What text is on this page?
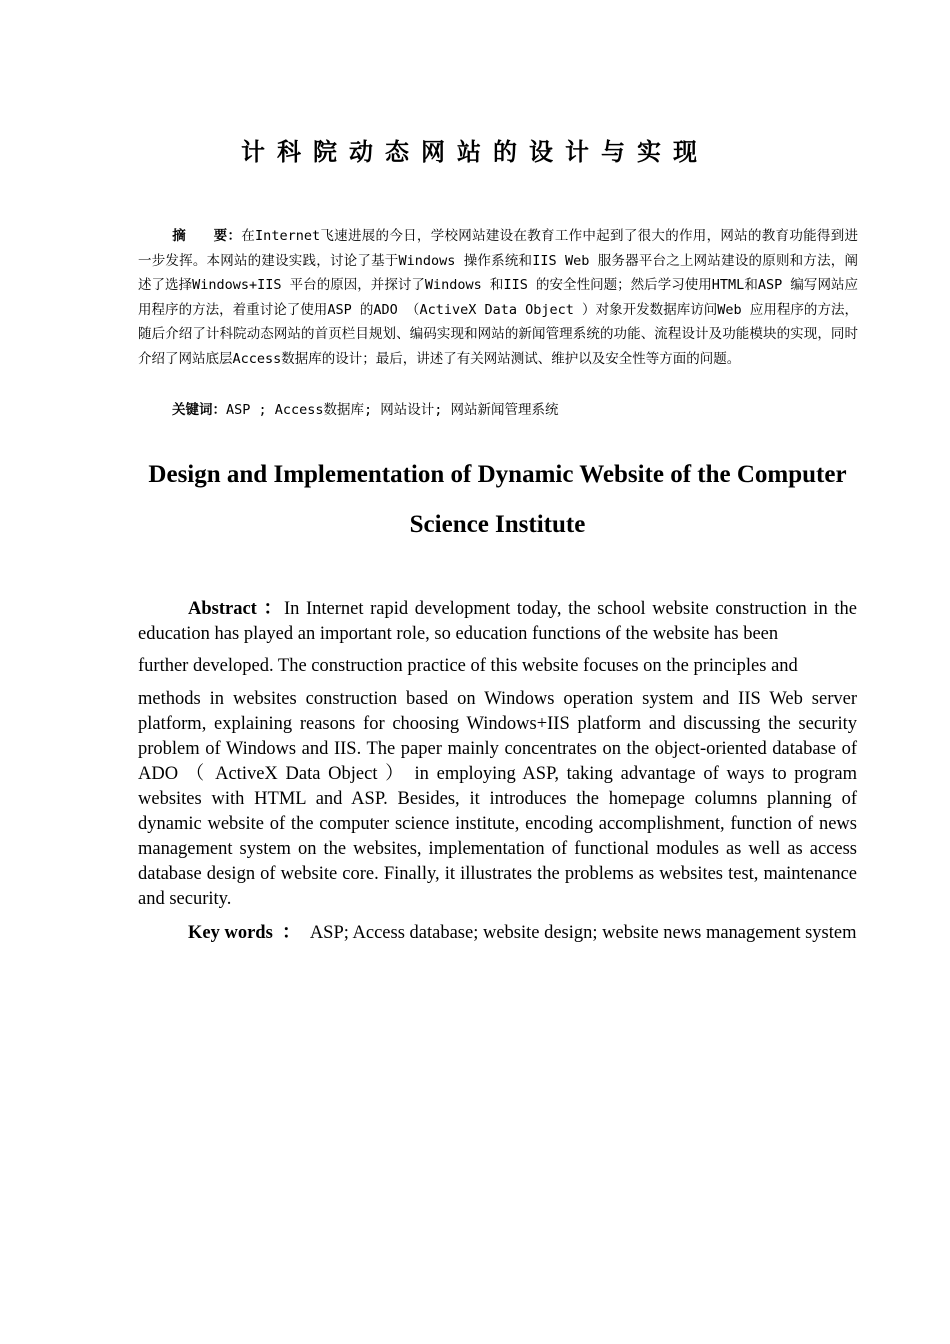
计科院动态网站的设计与实现

摘　　要：在Internet飞速进展的今日，学校网站建设在教育工作中起到了很大的作用，网站的教育功能得到进一步发挥。本网站的建设实践，讨论了基于Windows 操作系统和IIS Web 服务器平台之上网站建设的原则和方法，阐述了选择Windows+IIS 平台的原因，并探讨了Windows 和IIS 的安全性问题；然后学习使用HTML和ASP 编写网站应用程序的方法，着重讨论了使用ASP 的ADO （ActiveX Data Object ）对象开发数据库访问Web 应用程序的方法，随后介绍了计科院动态网站的首页栏目规划、编码实现和网站的新闻管理系统的功能、流程设计及功能模块的实现，同时介绍了网站底层Access数据库的设计；最后，讲述了有关网站测试、维护以及安全性等方面的问题。

关键词：ASP ; Access数据库; 网站设计; 网站新闻管理系统

Design and Implementation of Dynamic Website of the Computer Science Institute
Abstract ：In Internet rapid development today, the school website construction in the education has played an important role, so education functions of the website has been
further developed. The construction practice of this website focuses on the principles and
methods in websites construction based on Windows operation system and IIS Web server platform, explaining reasons for choosing Windows+IIS platform and discussing the security problem of Windows and IIS. The paper mainly concentrates on the object-oriented database of ADO （ ActiveX Data Object ） in employing ASP, taking advantage of ways to program websites with HTML and ASP. Besides, it introduces the homepage columns planning of dynamic website of the computer science institute, encoding accomplishment, function of news management system on the websites, implementation of functional modules as well as access database design of website core. Finally, it illustrates the problems as websites test, maintenance and security.

Key words ： ASP; Access database; website design; website news management system
